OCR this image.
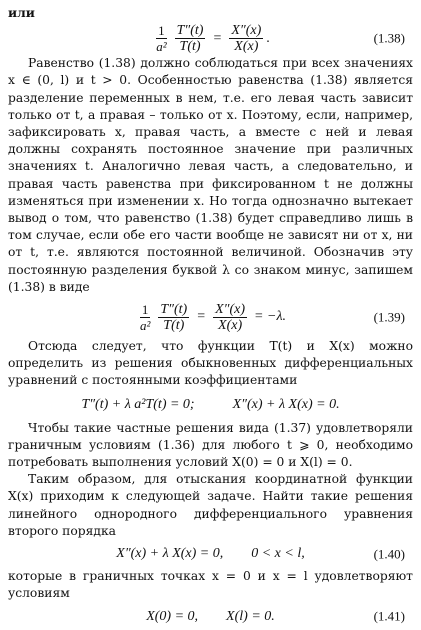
или

$\frac{1}{\text{a²}} \frac{T''(t)}{T(t)} = \frac{X''(x)}{X(x)}$ .	(1.38)

Равенство (1.38) должно соблюдаться при всех значениях x ∈ (0, l) и t > 0. Особенностью равенства (1.38) является разделение переменных в нем, т.е. его левая часть зависит только от t, а правая – только от x. Поэтому, если, например, зафиксировать x, правая часть, а вместе с ней и левая должны сохранять постоянное значение при различных значениях t. Аналогично левая часть, а следовательно, и правая часть равенства при фиксированном t не должны изменяться при изменении x. Но тогда однозначно вытекает вывод о том, что равенство (1.38) будет справедливо лишь в том случае, если обе его части вообще не зависят ни от x, ни от t, т.е. являются постоянной величиной. Обозначив эту постоянную разделения буквой λ со знаком минус, запишем (1.38) в виде

$\frac{1}{\text{a²}} \frac{T''(t)}{T(t)} = \frac{X''(x)}{X(x)} = -\lambda$.	(1.39)

Отсюда следует, что функции T(t) и X(x) можно определить из решения обыкновенных дифференциальных уравнений с постоянными коэффициентами

T″(t) + λ a²T(t) = 0;	X″(x) + λ X(x) = 0.

Чтобы такие частные решения вида (1.37) удовлетворяли граничным условиям (1.36) для любого t ⩾ 0, необходимо потребовать выполнения условий X(0) = 0 и X(l) = 0.

Таким образом, для отыскания координатной функции X(x) приходим к следующей задаче. Найти такие решения линейного однородного дифференциального уравнения второго порядка

X″(x) + λ X(x) = 0, 0 < x < l,	(1.40)

которые в граничных точках x = 0 и x = l удовлетворяют условиям

X(0) = 0, X(l) = 0.	(1.41)
